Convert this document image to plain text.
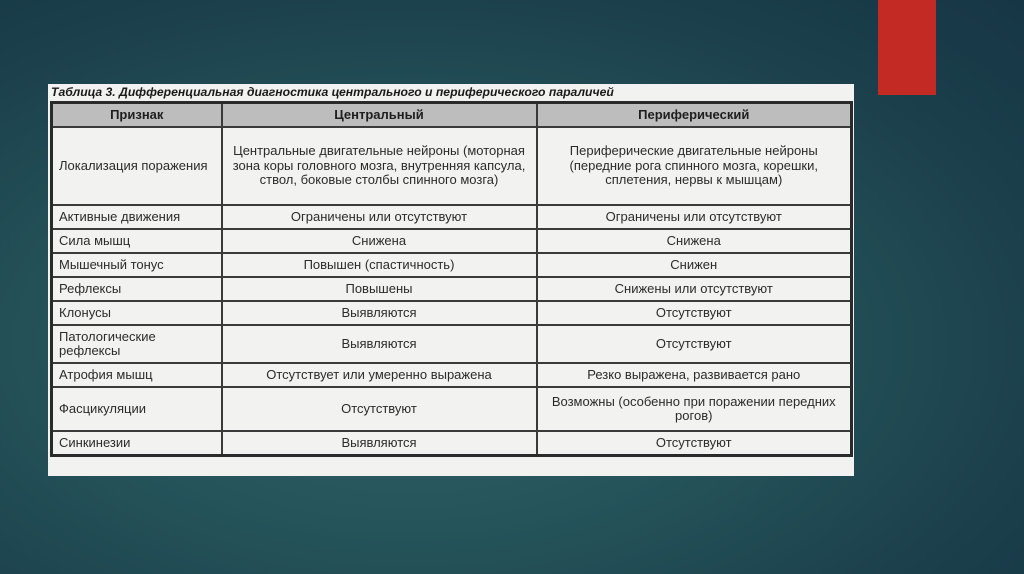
Таблица 3. Дифференциальная диагностика центрального и периферического параличей
Признак	Центральный	Периферический
Локализация поражения	Центральные двигательные нейроны (моторная зона коры головного мозга, внутренняя капсула, ствол, боковые столбы спинного мозга)	Периферические двигательные нейроны (передние рога спинного мозга, корешки, сплетения, нервы к мышцам)
Активные движения	Ограничены или отсутствуют	Ограничены или отсутствуют
Сила мышц	Снижена	Снижена
Мышечный тонус	Повышен (спастичность)	Снижен
Рефлексы	Повышены	Снижены или отсутствуют
Клонусы	Выявляются	Отсутствуют
Патологические рефлексы	Выявляются	Отсутствуют
Атрофия мышц	Отсутствует или умеренно выражена	Резко выражена, развивается рано
Фасцикуляции	Отсутствуют	Возможны (особенно при поражении передних рогов)
Синкинезии	Выявляются	Отсутствуют
